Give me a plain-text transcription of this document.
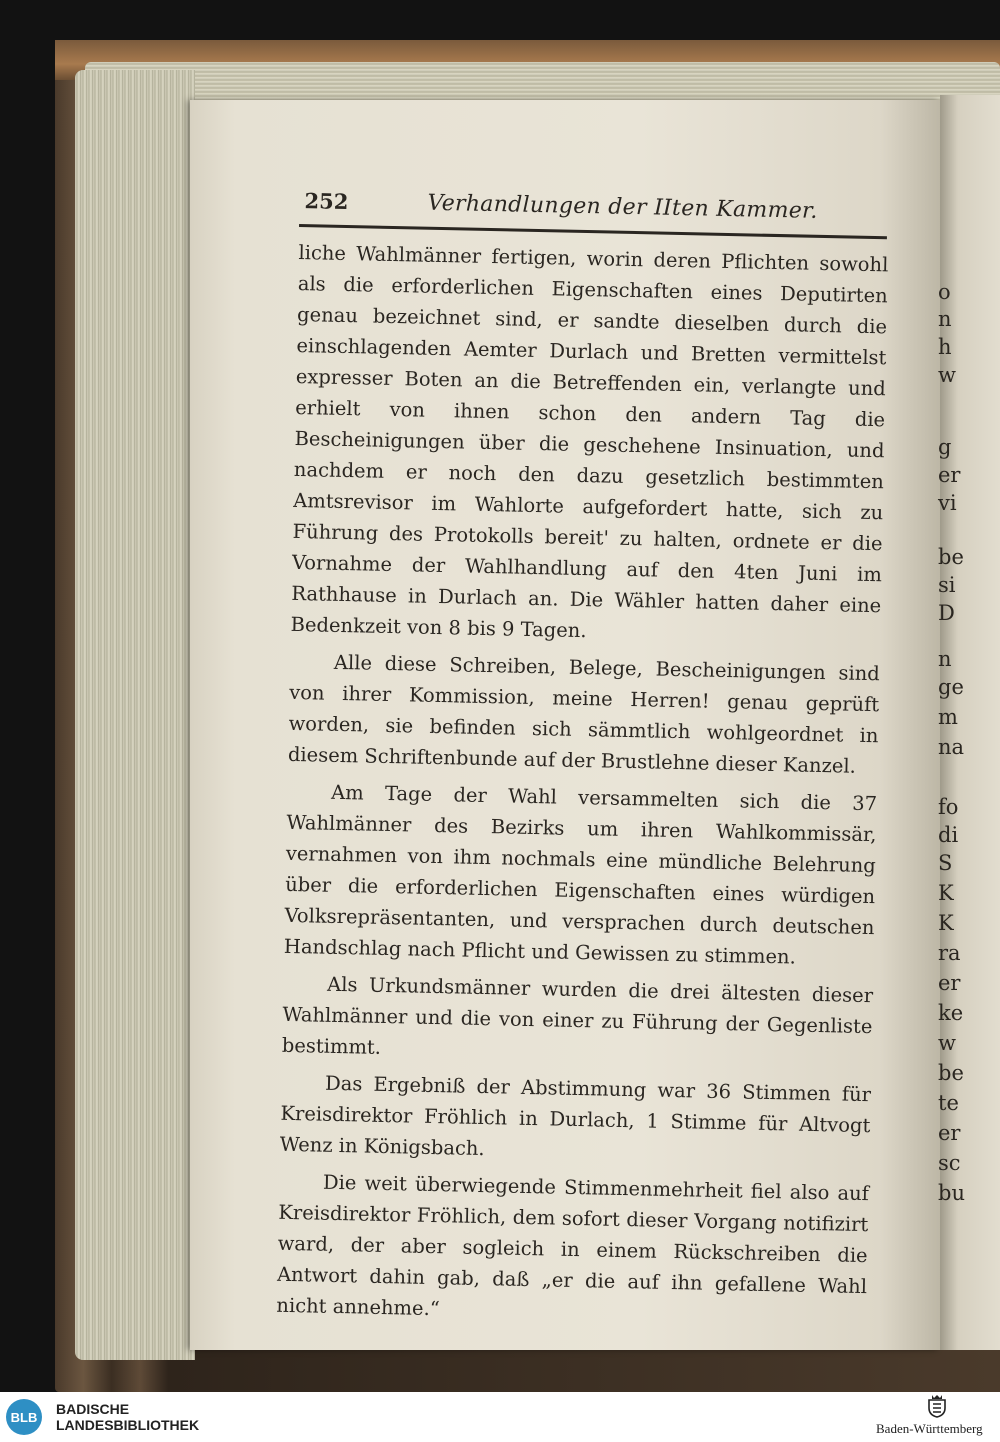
o
n
h
w
g
er
vi
be
si
D
n
ge
m
na
fo
di
S
K
K
ra
er
ke
w
be
te
er
sc
bu
252	Verhandlungen der IIten Kammer.

liche Wahlmänner fertigen, worin deren Pflichten sowohl als die erforderlichen Eigenschaften eines Deputirten genau bezeichnet sind, er sandte dieselben durch die einschlagenden Aemter Durlach und Bretten vermittelst expresser Boten an die Betreffenden ein, verlangte und erhielt von ihnen schon den andern Tag die Bescheinigungen über die geschehene Insinuation, und nachdem er noch den dazu gesetzlich bestimmten Amtsrevisor im Wahlorte aufgefordert hatte, sich zu Führung des Protokolls bereit' zu halten, ordnete er die Vornahme der Wahlhandlung auf den 4ten Juni im Rathhause in Durlach an. Die Wähler hatten daher eine Bedenkzeit von 8 bis 9 Tagen.

Alle diese Schreiben, Belege, Bescheinigungen sind von ihrer Kommission, meine Herren! genau geprüft worden, sie befinden sich sämmtlich wohlgeordnet in diesem Schriftenbunde auf der Brustlehne dieser Kanzel.

Am Tage der Wahl versammelten sich die 37 Wahlmänner des Bezirks um ihren Wahlkommissär, vernahmen von ihm nochmals eine mündliche Belehrung über die erforderlichen Eigenschaften eines würdigen Volksrepräsentanten, und versprachen durch deutschen Handschlag nach Pflicht und Gewissen zu stimmen.

Als Urkundsmänner wurden die drei ältesten dieser Wahlmänner und die von einer zu Führung der Gegenliste bestimmt.

Das Ergebniß der Abstimmung war 36 Stimmen für Kreisdirektor Fröhlich in Durlach, 1 Stimme für Altvogt Wenz in Königsbach.

Die weit überwiegende Stimmenmehrheit fiel also auf Kreisdirektor Fröhlich, dem sofort dieser Vorgang notifizirt ward, der aber sogleich in einem Rückschreiben die Antwort dahin gab, daß „er die auf ihn gefallene Wahl nicht annehme.“

BLB	BADISCHE
LANDESBIBLIOTHEK	Baden-Württemberg
